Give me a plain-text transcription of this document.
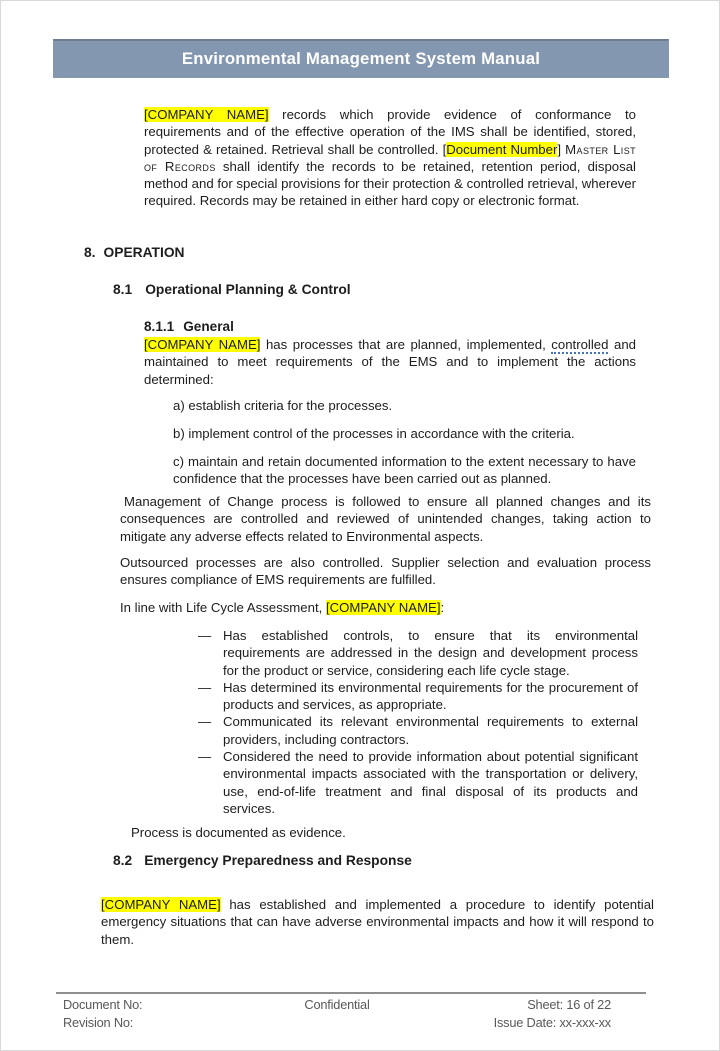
Environmental Management System Manual
[COMPANY NAME] records which provide evidence of conformance to requirements and of the effective operation of the IMS shall be identified, stored, protected & retained. Retrieval shall be controlled. [Document Number] Master List of Records shall identify the records to be retained, retention period, disposal method and for special provisions for their protection & controlled retrieval, wherever required. Records may be retained in either hard copy or electronic format.
8. OPERATION
8.1 Operational Planning & Control
8.1.1 General
[COMPANY NAME] has processes that are planned, implemented, controlled and maintained to meet requirements of the EMS and to implement the actions determined:

a) establish criteria for the processes.

b) implement control of the processes in accordance with the criteria.

c) maintain and retain documented information to the extent necessary to have confidence that the processes have been carried out as planned.

Management of Change process is followed to ensure all planned changes and its consequences are controlled and reviewed of unintended changes, taking action to mitigate any adverse effects related to Environmental aspects.
Outsourced processes are also controlled. Supplier selection and evaluation process ensures compliance of EMS requirements are fulfilled.
In line with Life Cycle Assessment, [COMPANY NAME]:
— Has established controls, to ensure that its environmental requirements are addressed in the design and development process for the product or service, considering each life cycle stage.
— Has determined its environmental requirements for the procurement of products and services, as appropriate.
— Communicated its relevant environmental requirements to external providers, including contractors.
— Considered the need to provide information about potential significant environmental impacts associated with the transportation or delivery, use, end-of-life treatment and final disposal of its products and services.
Process is documented as evidence.
8.2 Emergency Preparedness and Response
[COMPANY NAME] has established and implemented a procedure to identify potential emergency situations that can have adverse environmental impacts and how it will respond to them.
Document No:	Confidential	Sheet: 16 of 22
Revision No:	Issue Date: xx-xxx-xx
